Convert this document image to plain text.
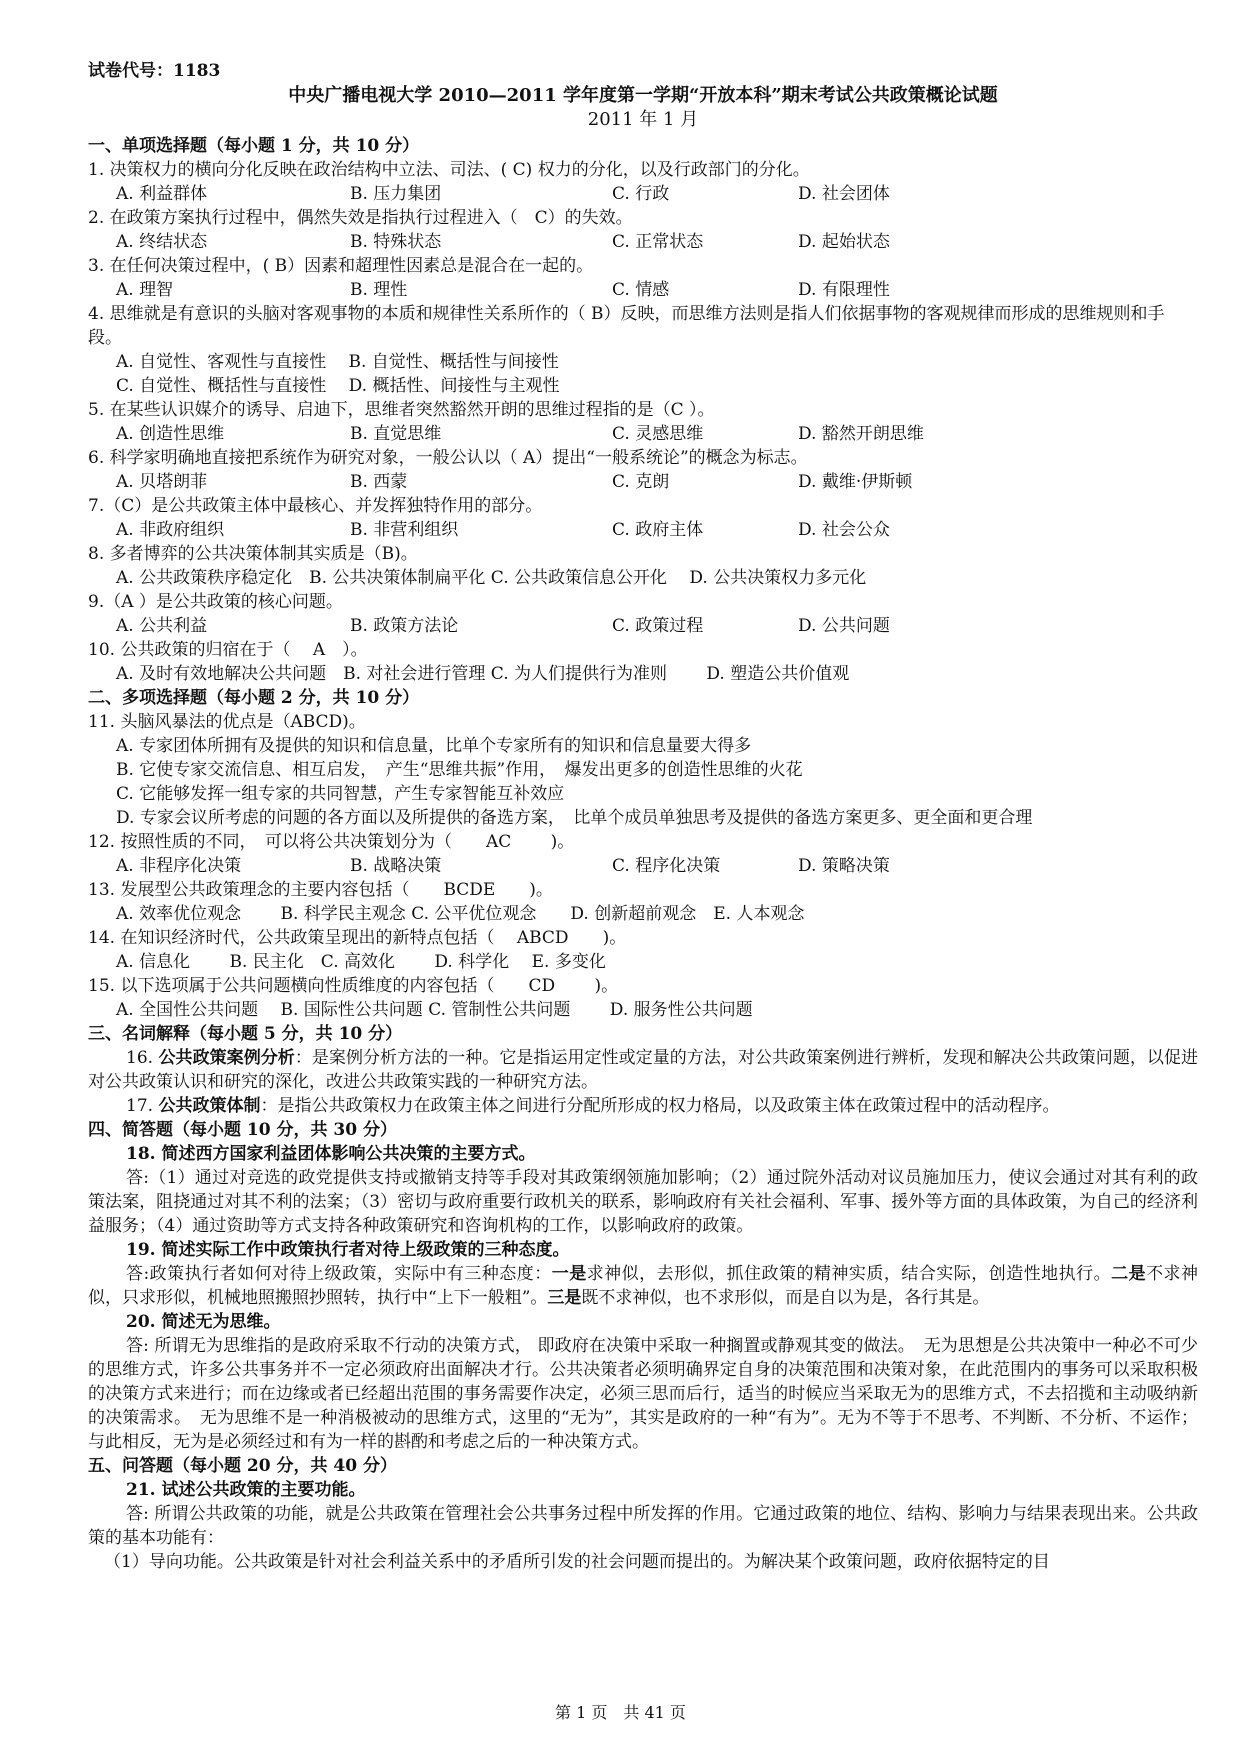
试卷代号：1183
中央广播电视大学 2010—2011 学年度第一学期“开放本科”期末考试公共政策概论试题
2011 年 1 月
一、单项选择题（每小题 1 分，共 10 分）
1. 决策权力的横向分化反映在政治结构中立法、司法、( C) 权力的分化，以及行政部门的分化。
A. 利益群体	B. 压力集团	C. 行政	D. 社会团体
2. 在政策方案执行过程中，偶然失效是指执行过程进入（　C）的失效。
A. 终结状态	B. 特殊状态	C. 正常状态	D. 起始状态
3. 在任何决策过程中，( B）因素和超理性因素总是混合在一起的。
A. 理智	B. 理性	C. 情感	D. 有限理性
4. 思维就是有意识的头脑对客观事物的本质和规律性关系所作的（ B）反映，而思维方法则是指人们依据事物的客观规律而形成的思维规则和手段。
A. 自觉性、客观性与直接性　 B. 自觉性、概括性与间接性
C. 自觉性、概括性与直接性　 D. 概括性、间接性与主观性
5. 在某些认识媒介的诱导、启迪下，思维者突然豁然开朗的思维过程指的是（C ）。
A. 创造性思维	B. 直觉思维	C. 灵感思维	D. 豁然开朗思维
6. 科学家明确地直接把系统作为研究对象，一般公认以（ A）提出“一般系统论”的概念为标志。
A. 贝塔朗菲	B. 西蒙	C. 克朗	D. 戴维·伊斯顿
7.（C）是公共政策主体中最核心、并发挥独特作用的部分。
A. 非政府组织	B. 非营利组织	C. 政府主体	D. 社会公众
8. 多者博弈的公共决策体制其实质是（B)。
A. 公共政策秩序稳定化　B. 公共决策体制扁平化 C. 公共政策信息公开化　 D. 公共决策权力多元化
9.（A ）是公共政策的核心问题。
A. 公共利益	B. 政策方法论	C. 政策过程	D. 公共问题
10. 公共政策的归宿在于（　 A　）。
A. 及时有效地解决公共问题　B. 对社会进行管理 C. 为人们提供行为准则　　 D. 塑造公共价值观
二、多项选择题（每小题 2 分，共 10 分）
11. 头脑风暴法的优点是（ABCD)。
A. 专家团体所拥有及提供的知识和信息量，比单个专家所有的知识和信息量要大得多
B. 它使专家交流信息、相互启发，　产生“思维共振”作用，　爆发出更多的创造性思维的火花
C. 它能够发挥一组专家的共同智慧，产生专家智能互补效应
D. 专家会议所考虑的问题的各方面以及所提供的备选方案，　比单个成员单独思考及提供的备选方案更多、更全面和更合理
12. 按照性质的不同，　可以将公共决策划分为（　　AC　　 )。
A. 非程序化决策	B. 战略决策	C. 程序化决策	D. 策略决策
13. 发展型公共政策理念的主要内容包括（　　BCDE　　)。
A. 效率优位观念　　 B. 科学民主观念 C. 公平优位观念　　D. 创新超前观念　E. 人本观念
14. 在知识经济时代，公共政策呈现出的新特点包括（　 ABCD　　)。
A. 信息化　　 B. 民主化　C. 高效化　　 D. 科学化　 E. 多变化
15. 以下选项属于公共问题横向性质维度的内容包括（　　CD　　 )。
A. 全国性公共问题　 B. 国际性公共问题 C. 管制性公共问题　　 D. 服务性公共问题
三、名词解释（每小题 5 分，共 10 分）
16. 公共政策案例分析：是案例分析方法的一种。它是指运用定性或定量的方法，对公共政策案例进行辨析，发现和解决公共政策问题，以促进对公共政策认识和研究的深化，改进公共政策实践的一种研究方法。
17. 公共政策体制：是指公共政策权力在政策主体之间进行分配所形成的权力格局，以及政策主体在政策过程中的活动程序。
四、简答题（每小题 10 分，共 30 分）
18. 简述西方国家利益团体影响公共决策的主要方式。
答:（1）通过对竞选的政党提供支持或撤销支持等手段对其政策纲领施加影响；（2）通过院外活动对议员施加压力，使议会通过对其有利的政策法案，阻挠通过对其不利的法案；（3）密切与政府重要行政机关的联系，影响政府有关社会福利、军事、援外等方面的具体政策，为自己的经济利益服务；（4）通过资助等方式支持各种政策研究和咨询机构的工作，以影响政府的政策。
19. 简述实际工作中政策执行者对待上级政策的三种态度。
答:政策执行者如何对待上级政策，实际中有三种态度：一是求神似，去形似，抓住政策的精神实质，结合实际，创造性地执行。二是不求神似，只求形似，机械地照搬照抄照转，执行中“上下一般粗”。三是既不求神似，也不求形似，而是自以为是，各行其是。
20. 简述无为思维。
答: 所谓无为思维指的是政府采取不行动的决策方式， 即政府在决策中采取一种搁置或静观其变的做法。　无为思想是公共决策中一种必不可少的思维方式，许多公共事务并不一定必须政府出面解决才行。公共决策者必须明确界定自身的决策范围和决策对象，在此范围内的事务可以采取积极的决策方式来进行；而在边缘或者已经超出范围的事务需要作决定，必须三思而后行，适当的时候应当采取无为的思维方式，不去招揽和主动吸纳新的决策需求。　无为思维不是一种消极被动的思维方式，这里的“无为”，其实是政府的一种“有为”。无为不等于不思考、不判断、不分析、不运作；与此相反，无为是必须经过和有为一样的斟酌和考虑之后的一种决策方式。
五、问答题（每小题 20 分，共 40 分）
21. 试述公共政策的主要功能。
答: 所谓公共政策的功能，就是公共政策在管理社会公共事务过程中所发挥的作用。它通过政策的地位、结构、影响力与结果表现出来。公共政策的基本功能有：
（1）导向功能。公共政策是针对社会利益关系中的矛盾所引发的社会问题而提出的。为解决某个政策问题，政府依据特定的目
第 1 页　共 41 页
